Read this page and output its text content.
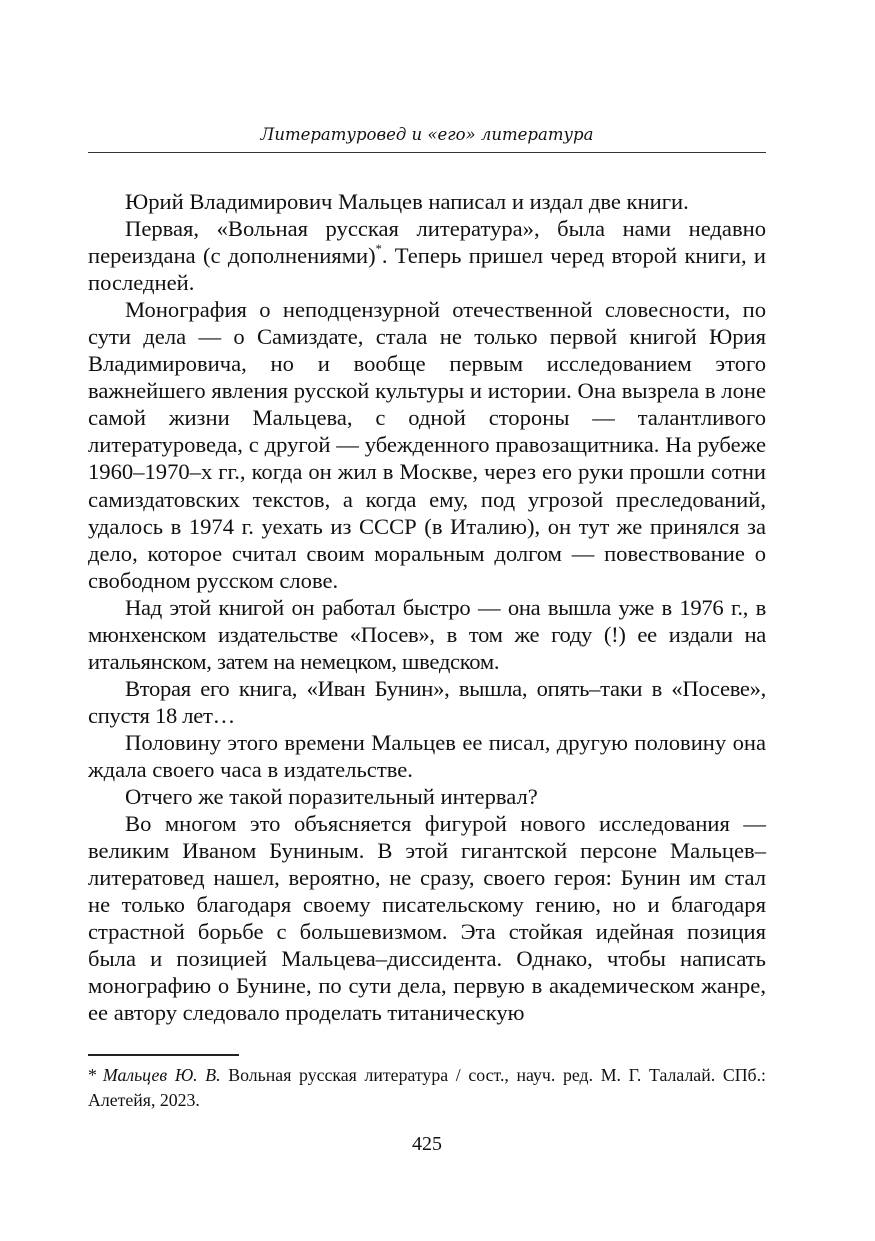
Литературовед и «его» литература

Юрий Владимирович Мальцев написал и издал две книги.

Первая, «Вольная русская литература», была нами недавно переиздана (с дополнениями)*. Теперь пришел черед второй книги, и последней.

Монография о неподцензурной отечественной словесности, по сути дела — о Самиздате, стала не только первой книгой Юрия Владимировича, но и вообще первым исследованием этого важнейшего явления русской культуры и истории. Она вызрела в лоне самой жизни Мальцева, с одной стороны — талантливого литературоведа, с другой — убежденного правозащитника. На рубеже 1960–1970–х гг., когда он жил в Москве, через его руки прошли сотни самиздатовских текстов, а когда ему, под угрозой преследований, удалось в 1974 г. уехать из СССР (в Италию), он тут же принялся за дело, которое считал своим моральным долгом — повествование о свободном русском слове.

Над этой книгой он работал быстро — она вышла уже в 1976 г., в мюнхенском издательстве «Посев», в том же году (!) ее издали на итальянском, затем на немецком, шведском.

Вторая его книга, «Иван Бунин», вышла, опять–таки в «Посеве», спустя 18 лет…

Половину этого времени Мальцев ее писал, другую половину она ждала своего часа в издательстве.

Отчего же такой поразительный интервал?

Во многом это объясняется фигурой нового исследования — великим Иваном Буниным. В этой гигантской персоне Мальцев–литератовед нашел, вероятно, не сразу, своего героя: Бунин им стал не только благодаря своему писательскому гению, но и благодаря страстной борьбе с большевизмом. Эта стойкая идейная позиция была и позицией Мальцева–диссидента. Однако, чтобы написать монографию о Бунине, по сути дела, первую в академическом жанре, ее автору следовало проделать титаническую

* Мальцев Ю. В. Вольная русская литература / сост., науч. ред. М. Г. Талалай. СПб.: Алетейя, 2023.

425
